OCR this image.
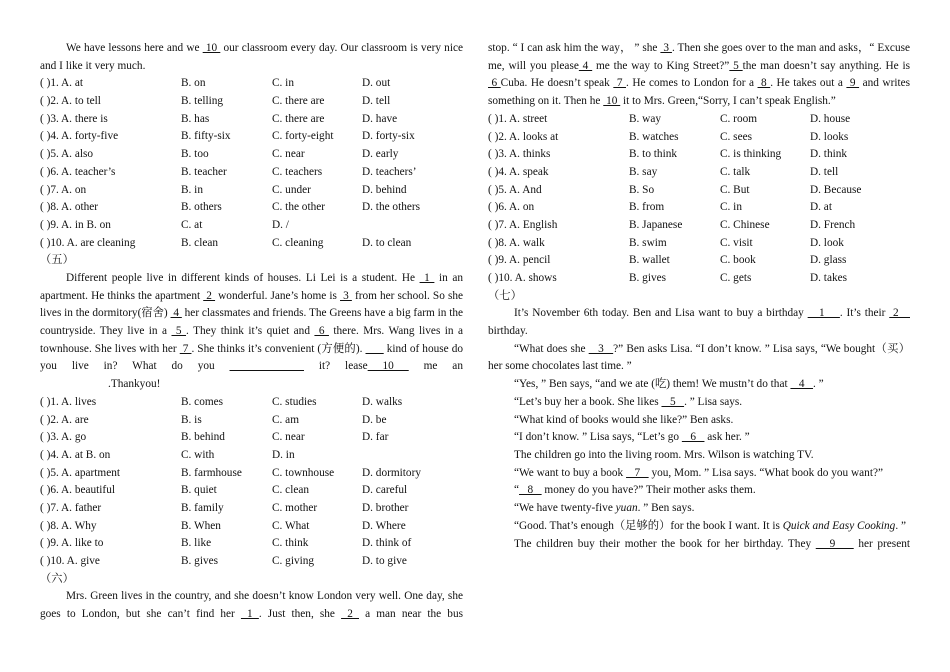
We have lessons here and we  10  our classroom every day. Our classroom is very nice and I like it very much.

( )1. A. at	B. on	C. in	D. out
( )2. A. to tell	B. telling	C. there are	D. tell
( )3. A. there is	B. has	C. there are	D. have
( )4. A. forty-five	B. fifty-six	C. forty-eight	D. forty-six
( )5. A. also	B. too	C. near	D. early
( )6. A. teacher’s	B. teacher	C. teachers	D. teachers’
( )7. A. on	B. in	C. under	D. behind
( )8. A. other	B. others	C. the other	D. the others
( )9. A. in B. on	C. at	D. /
( )10. A. are cleaning	B. clean	C. cleaning	D. to clean
（五）

Different people live in different kinds of houses. Li Lei is a student. He  1  in an apartment. He thinks the apartment  2  wonderful. Jane’s home is  3  from her school. So she lives in the dormitory(宿舍)  4  her classmates and friends. The Greens have a big farm in the countryside. They live in a  5 . They think it’s quiet and  6  there. Mrs. Wang lives in a townhouse. She lives with her  7 . She thinks it’s convenient (方便的).        kind of house do you live in? What do you	it? lease 10  me an

.Thankyou!
( )1. A. lives	B. comes	C. studies	D. walks
( )2. A. are	B. is	C. am	D. be
( )3. A. go	B. behind	C. near	D. far
( )4. A. at B. on	C. with	D. in
( )5. A. apartment	B. farmhouse	C. townhouse	D. dormitory
( )6. A. beautiful	B. quiet	C. clean	D. careful
( )7. A. father	B. family	C. mother	D. brother
( )8. A. Why	B. When	C. What	D. Where
( )9. A. like to	B. like	C. think	D. think of
( )10. A. give	B. gives	C. giving	D. to give
（六）

Mrs. Green lives in the country, and she doesn’t know London very well. One day, she goes to London, but she can’t find her  1 . Just then, she  2  a man near the bus

stop. “ I can ask him the way， ” she  3 . Then she goes over to the man and asks，“ Excuse me, will you please 4  me the way to King Street?” 5 the man doesn’t say anything. He is  6 Cuba. He doesn’t speak  7 . He comes to London for a  8 . He takes out a  9  and writes something on it. Then he  10  it to Mrs. Green,“Sorry, I can’t speak English.”

( )1. A. street	B. way	C. room	D. house
( )2. A. looks at	B. watches	C. sees	D. looks
( )3. A. thinks	B. to think	C. is thinking	D. think
( )4. A. speak	B. say	C. talk	D. tell
( )5. A. And	B. So	C. But	D. Because
( )6. A. on	B. from	C. in	D. at
( )7. A. English	B. Japanese	C. Chinese	D. French
( )8. A. walk	B. swim	C. visit	D. look
( )9. A. pencil	B. wallet	C. book	D. glass
( )10. A. shows	B. gives	C. gets	D. takes
（七）

It’s November 6th today. Ben and Lisa want to buy a birthday    1    . It’s their  2

birthday.

“What does she    3   ?” Ben asks Lisa. “I don’t know. ” Lisa says, “We bought（买）her some chocolates last time. ”

“Yes, ” Ben says, “and we ate (吃) them! We mustn’t do that    4   . ”

“Let’s buy her a book. She likes    5   . ” Lisa says.

“What kind of books would she like?” Ben asks.

“I don’t know. ” Lisa says, “Let’s go    6    ask her. ”

The children go into the living room. Mrs. Wilson is watching TV.

“We want to buy a book    7    you, Mom. ” Lisa says. “What book do you want?”

“   8    money do you have?” Their mother asks them.

“We have twenty-five yuan. ” Ben says.

“Good. That’s enough（足够的）for the book I want. It is Quick and Easy Cooking. ”

The children buy their mother the book for her birthday. They    9     her present
